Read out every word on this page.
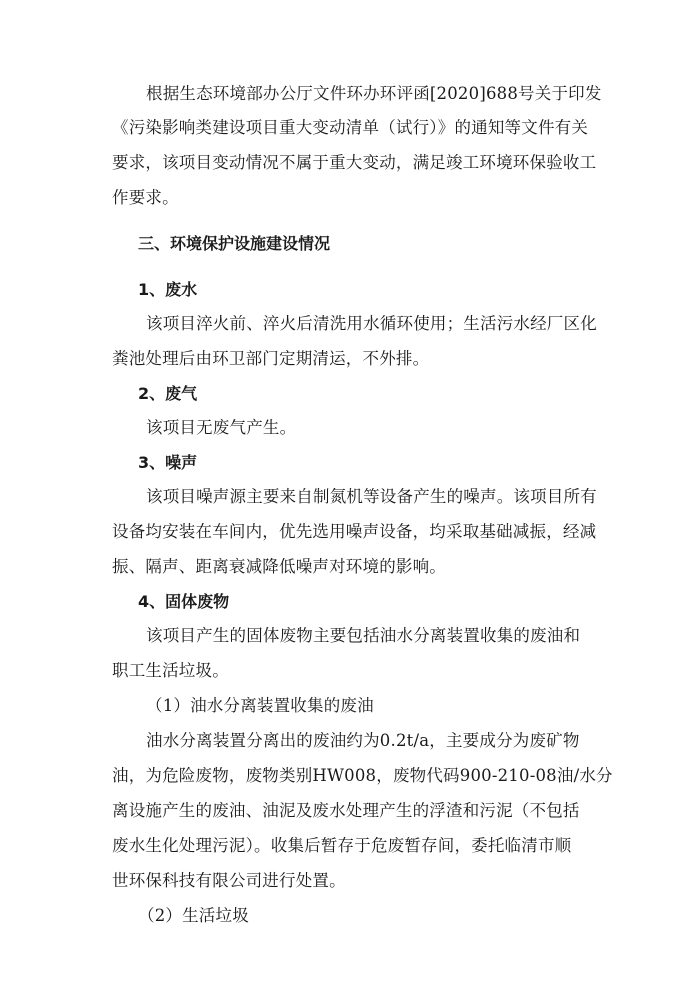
根据生态环境部办公厅文件环办环评函[2020]688号关于印发
《污染影响类建设项目重大变动清单（试行）》的通知等文件有关
要求，该项目变动情况不属于重大变动，满足竣工环境环保验收工
作要求。
三、环境保护设施建设情况
1、废水
该项目淬火前、淬火后清洗用水循环使用；生活污水经厂区化
粪池处理后由环卫部门定期清运，不外排。
2、废气
该项目无废气产生。
3、噪声
该项目噪声源主要来自制氮机等设备产生的噪声。该项目所有
设备均安装在车间内，优先选用噪声设备，均采取基础减振，经减
振、隔声、距离衰减降低噪声对环境的影响。
4、固体废物
该项目产生的固体废物主要包括油水分离装置收集的废油和
职工生活垃圾。
（1）油水分离装置收集的废油
油水分离装置分离出的废油约为0.2t/a，主要成分为废矿物
油，为危险废物，废物类别HW008，废物代码900-210-08油/水分
离设施产生的废油、油泥及废水处理产生的浮渣和污泥（不包括
废水生化处理污泥）。收集后暂存于危废暂存间，委托临清市顺
世环保科技有限公司进行处置。
（2）生活垃圾
